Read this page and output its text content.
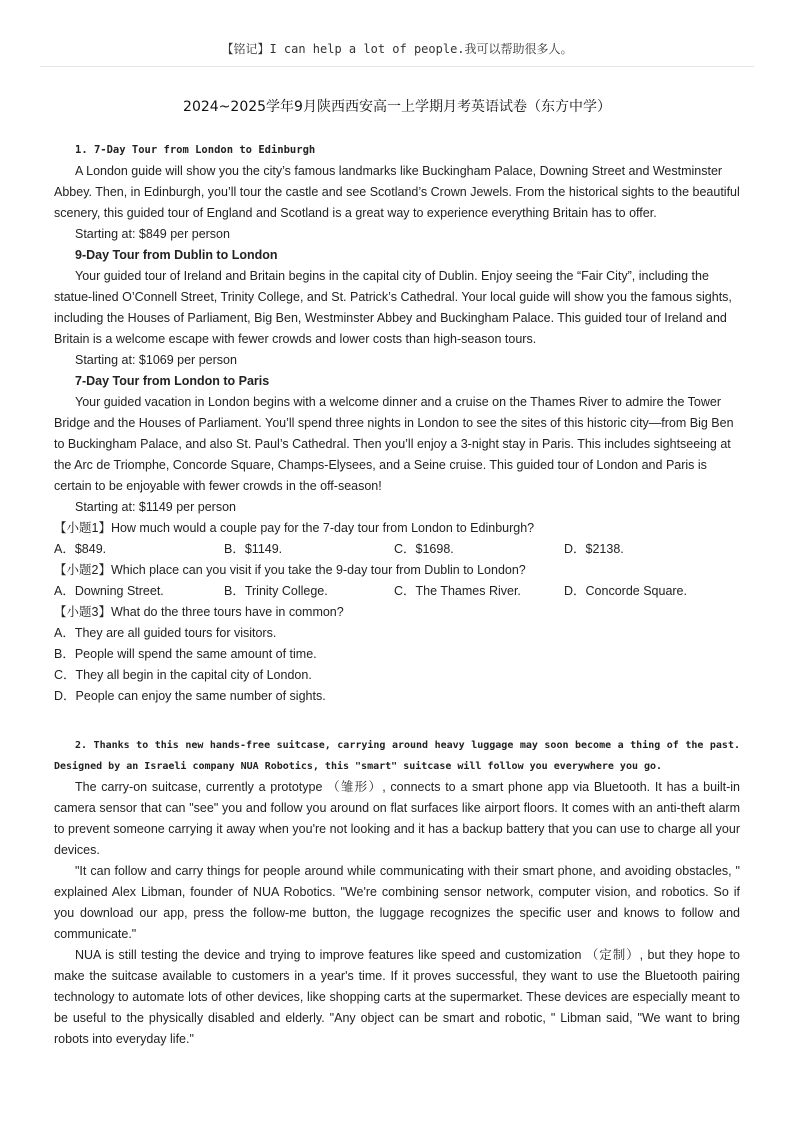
【铭记】I can help a lot of people.我可以帮助很多人。
2024~2025学年9月陕西西安高一上学期月考英语试卷（东方中学）

1. 7-Day Tour from London to Edinburgh

A London guide will show you the city’s famous landmarks like Buckingham Palace, Downing Street and Westminster Abbey. Then, in Edinburgh, you’ll tour the castle and see Scotland’s Crown Jewels. From the historical sights to the beautiful scenery, this guided tour of England and Scotland is a great way to experience everything Britain has to offer.

Starting at: $849 per person

9-Day Tour from Dublin to London

Your guided tour of Ireland and Britain begins in the capital city of Dublin. Enjoy seeing the “Fair City”, including the statue-lined O’Connell Street, Trinity College, and St. Patrick’s Cathedral. Your local guide will show you the famous sights, including the Houses of Parliament, Big Ben, Westminster Abbey and Buckingham Palace. This guided tour of Ireland and Britain is a welcome escape with fewer crowds and lower costs than high-season tours.

Starting at: $1069 per person

7-Day Tour from London to Paris

Your guided vacation in London begins with a welcome dinner and a cruise on the Thames River to admire the Tower Bridge and the Houses of Parliament. You’ll spend three nights in London to see the sites of this historic city—from Big Ben to Buckingham Palace, and also St. Paul’s Cathedral. Then you’ll enjoy a 3-night stay in Paris. This includes sightseeing at the Arc de Triomphe, Concorde Square, Champs-Elysees, and a Seine cruise. This guided tour of London and Paris is certain to be enjoyable with fewer crowds in the off-season!

Starting at: $1149 per person

【小题1】How much would a couple pay for the 7-day tour from London to Edinburgh?

A．$849.	B．$1149.	C．$1698.	D．$2138.

【小题2】Which place can you visit if you take the 9-day tour from Dublin to London?

A．Downing Street.	B．Trinity College.	C．The Thames River.	D．Concorde Square.

【小题3】What do the three tours have in common?

A．They are all guided tours for visitors.

B．People will spend the same amount of time.

C．They all begin in the capital city of London.

D．People can enjoy the same number of sights.

2. Thanks to this new hands-free suitcase, carrying around heavy luggage may soon become a thing of the past. Designed by an Israeli company NUA Robotics, this "smart" suitcase will follow you everywhere you go.

The carry-on suitcase, currently a prototype （雏形）, connects to a smart phone app via Bluetooth. It has a built-in camera sensor that can "see" you and follow you around on flat surfaces like airport floors. It comes with an anti-theft alarm to prevent someone carrying it away when you're not looking and it has a backup battery that you can use to charge all your devices.

"It can follow and carry things for people around while communicating with their smart phone, and avoiding obstacles, " explained Alex Libman, founder of NUA Robotics. "We're combining sensor network, computer vision, and robotics. So if you download our app, press the follow-me button, the luggage recognizes the specific user and knows to follow and communicate."

NUA is still testing the device and trying to improve features like speed and customization （定制）, but they hope to make the suitcase available to customers in a year's time. If it proves successful, they want to use the Bluetooth pairing technology to automate lots of other devices, like shopping carts at the supermarket. These devices are especially meant to be useful to the physically disabled and elderly. "Any object can be smart and robotic, " Libman said, "We want to bring robots into everyday life."
